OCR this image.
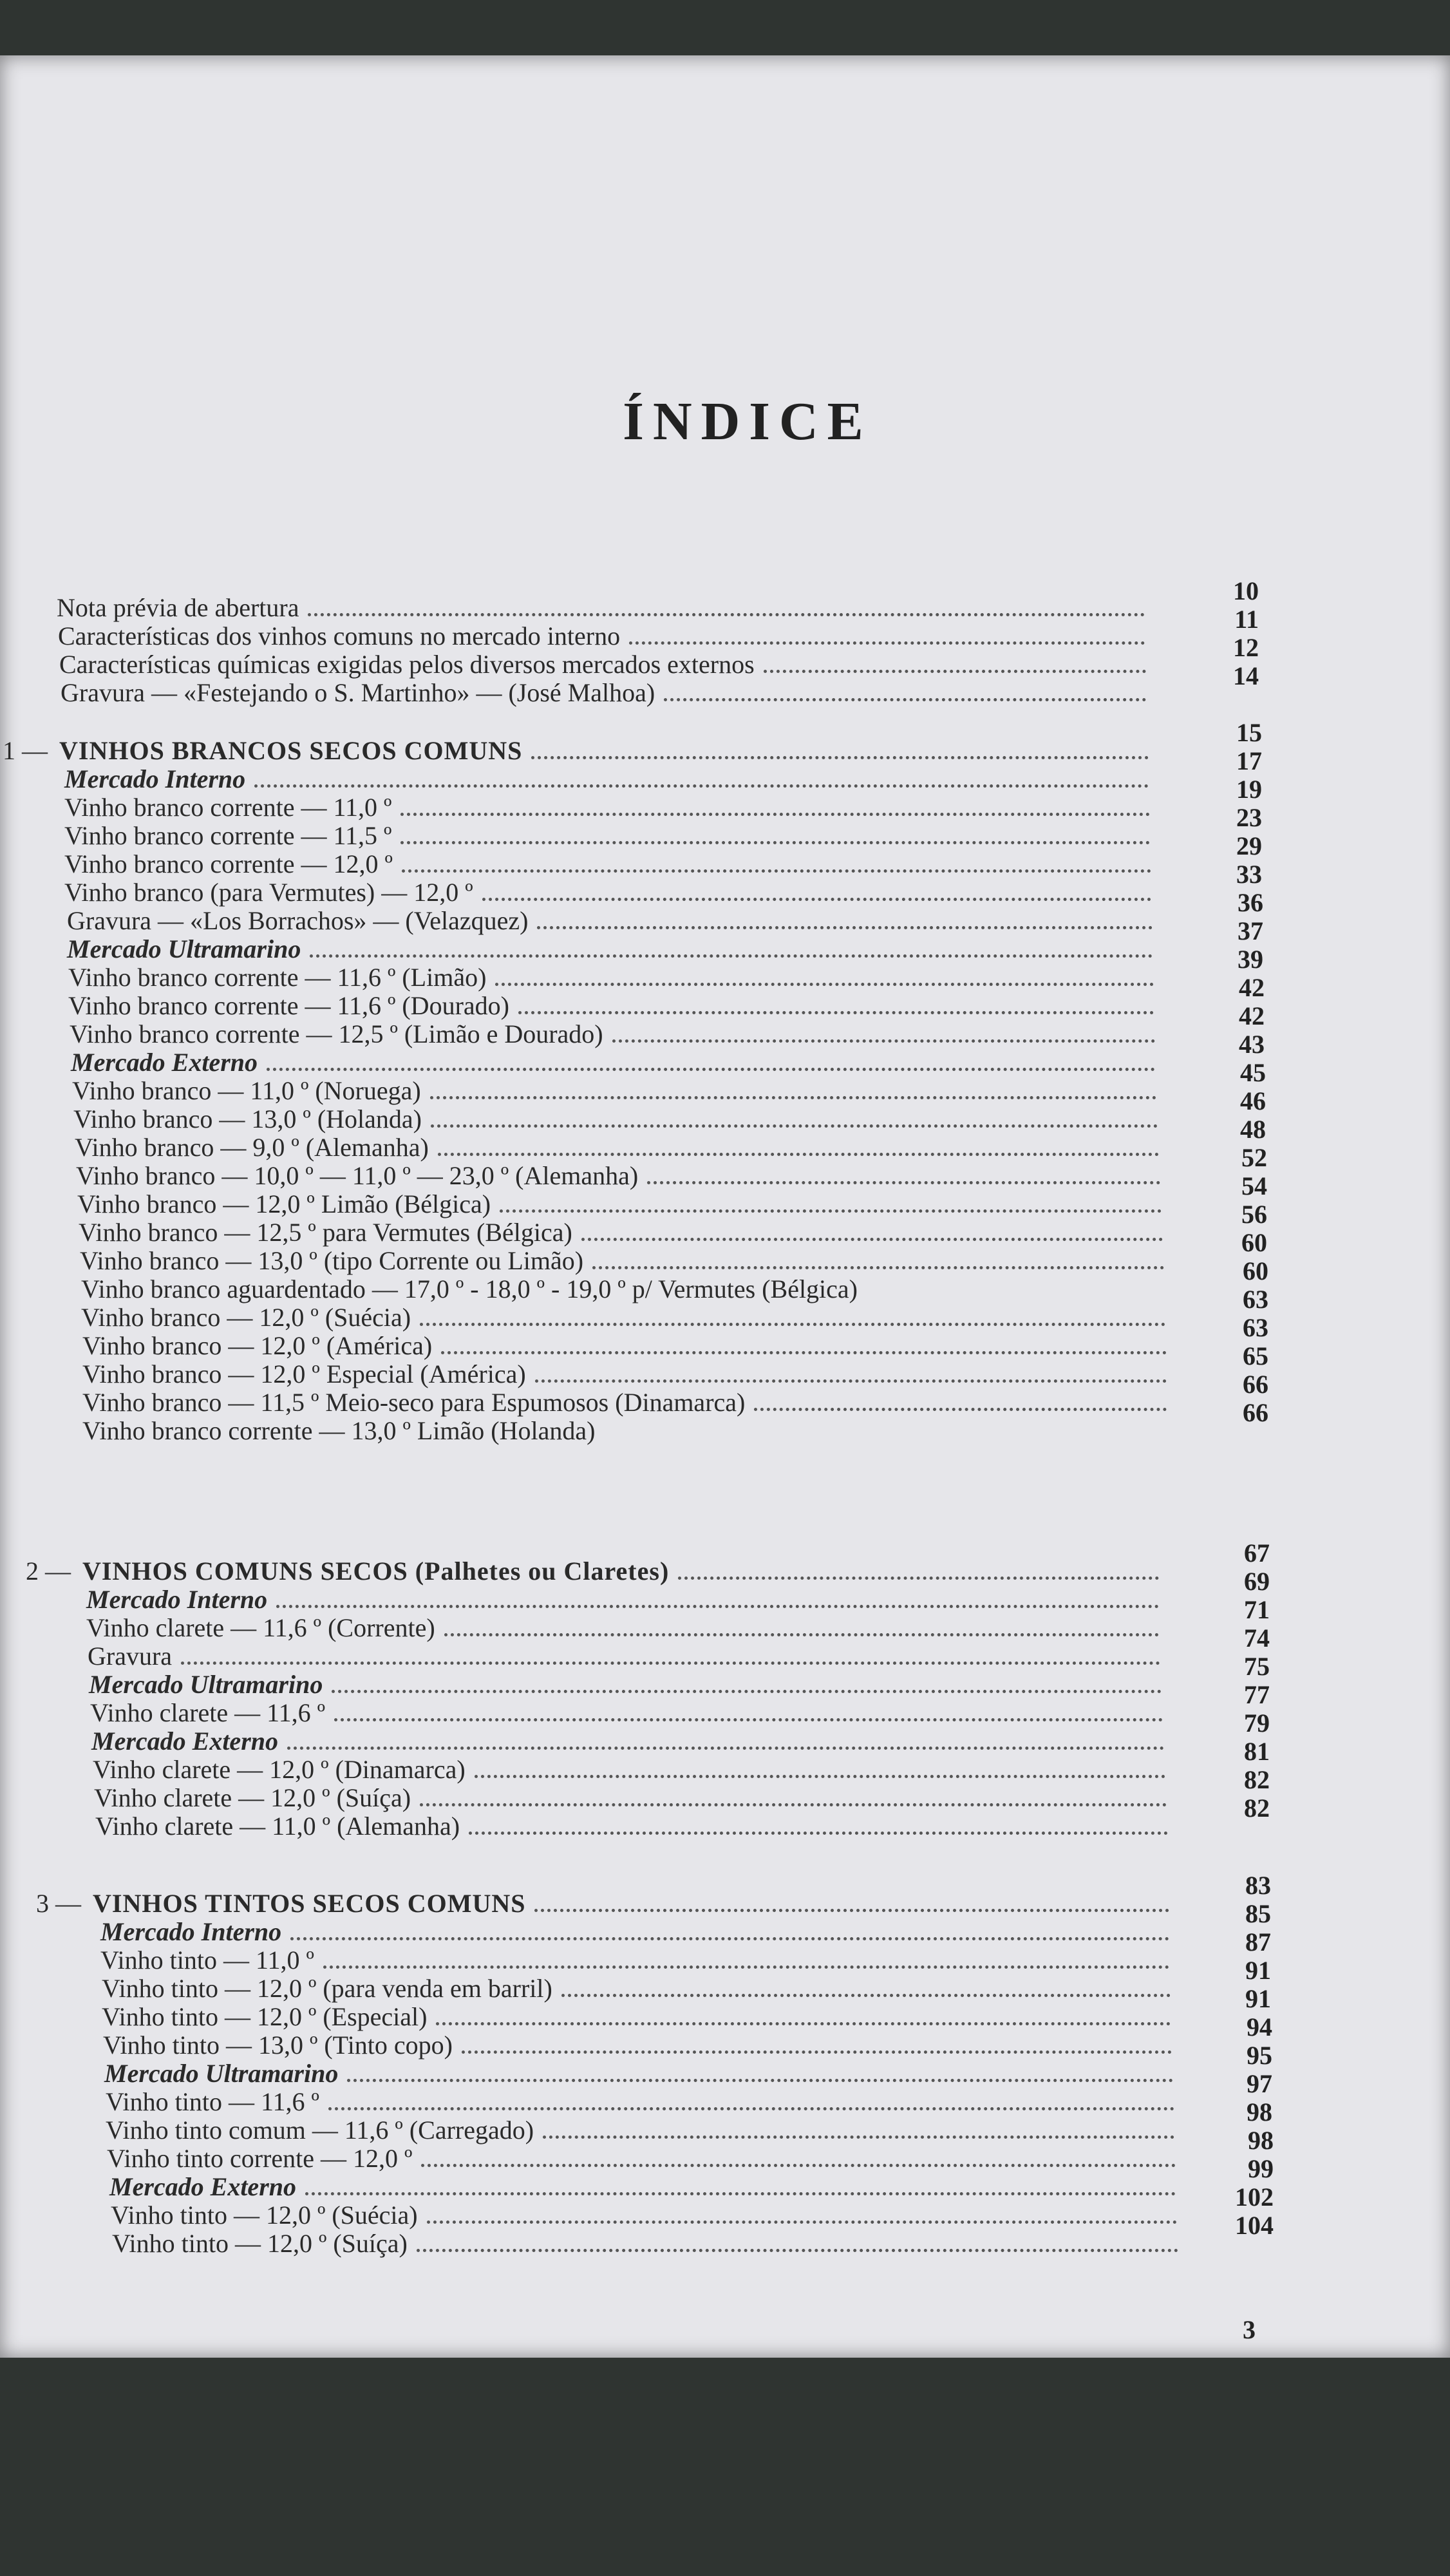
ÍNDICE
Nota prévia de abertura
Características dos vinhos comuns no mercado interno
Características químicas exigidas pelos diversos mercados externos
Gravura — «Festejando o S. Martinho» — (José Malhoa)
1 — VINHOS BRANCOS SECOS COMUNS
Mercado Interno
Vinho branco corrente — 11,0 º
Vinho branco corrente — 11,5 º
Vinho branco corrente — 12,0 º
Vinho branco (para Vermutes) — 12,0 º
Gravura — «Los Borrachos» — (Velazquez)
Mercado Ultramarino
Vinho branco corrente — 11,6 º (Limão)
Vinho branco corrente — 11,6 º (Dourado)
Vinho branco corrente — 12,5 º (Limão e Dourado)
Mercado Externo
Vinho branco — 11,0 º (Noruega)
Vinho branco — 13,0 º (Holanda)
Vinho branco — 9,0 º (Alemanha)
Vinho branco — 10,0 º — 11,0 º — 23,0 º (Alemanha)
Vinho branco — 12,0 º Limão (Bélgica)
Vinho branco — 12,5 º para Vermutes (Bélgica)
Vinho branco — 13,0 º (tipo Corrente ou Limão)
Vinho branco aguardentado — 17,0 º - 18,0 º - 19,0 º p/ Vermutes (Bélgica)
Vinho branco — 12,0 º (Suécia)
Vinho branco — 12,0 º (América)
Vinho branco — 12,0 º Especial (América)
Vinho branco — 11,5 º Meio-seco para Espumosos (Dinamarca)
Vinho branco corrente — 13,0 º Limão (Holanda)
2 — VINHOS COMUNS SECOS (Palhetes ou Claretes)
Mercado Interno
Vinho clarete — 11,6 º (Corrente)
Gravura
Mercado Ultramarino
Vinho clarete — 11,6 º
Mercado Externo
Vinho clarete — 12,0 º (Dinamarca)
Vinho clarete — 12,0 º (Suíça)
Vinho clarete — 11,0 º (Alemanha)
3 — VINHOS TINTOS SECOS COMUNS
Mercado Interno
Vinho tinto — 11,0 º
Vinho tinto — 12,0 º (para venda em barril)
Vinho tinto — 12,0 º (Especial)
Vinho tinto — 13,0 º (Tinto copo)
Mercado Ultramarino
Vinho tinto — 11,6 º
Vinho tinto comum — 11,6 º (Carregado)
Vinho tinto corrente — 12,0 º
Mercado Externo
Vinho tinto — 12,0 º (Suécia)
Vinho tinto — 12,0 º (Suíça)
10
11
12
14
15
17
19
23
29
33
36
37
39
42
42
43
45
46
48
52
54
56
60
60
63
63
65
66
66
67
69
71
74
75
77
79
81
82
82
83
85
87
91
91
94
95
97
98
98
99
102
104
3
